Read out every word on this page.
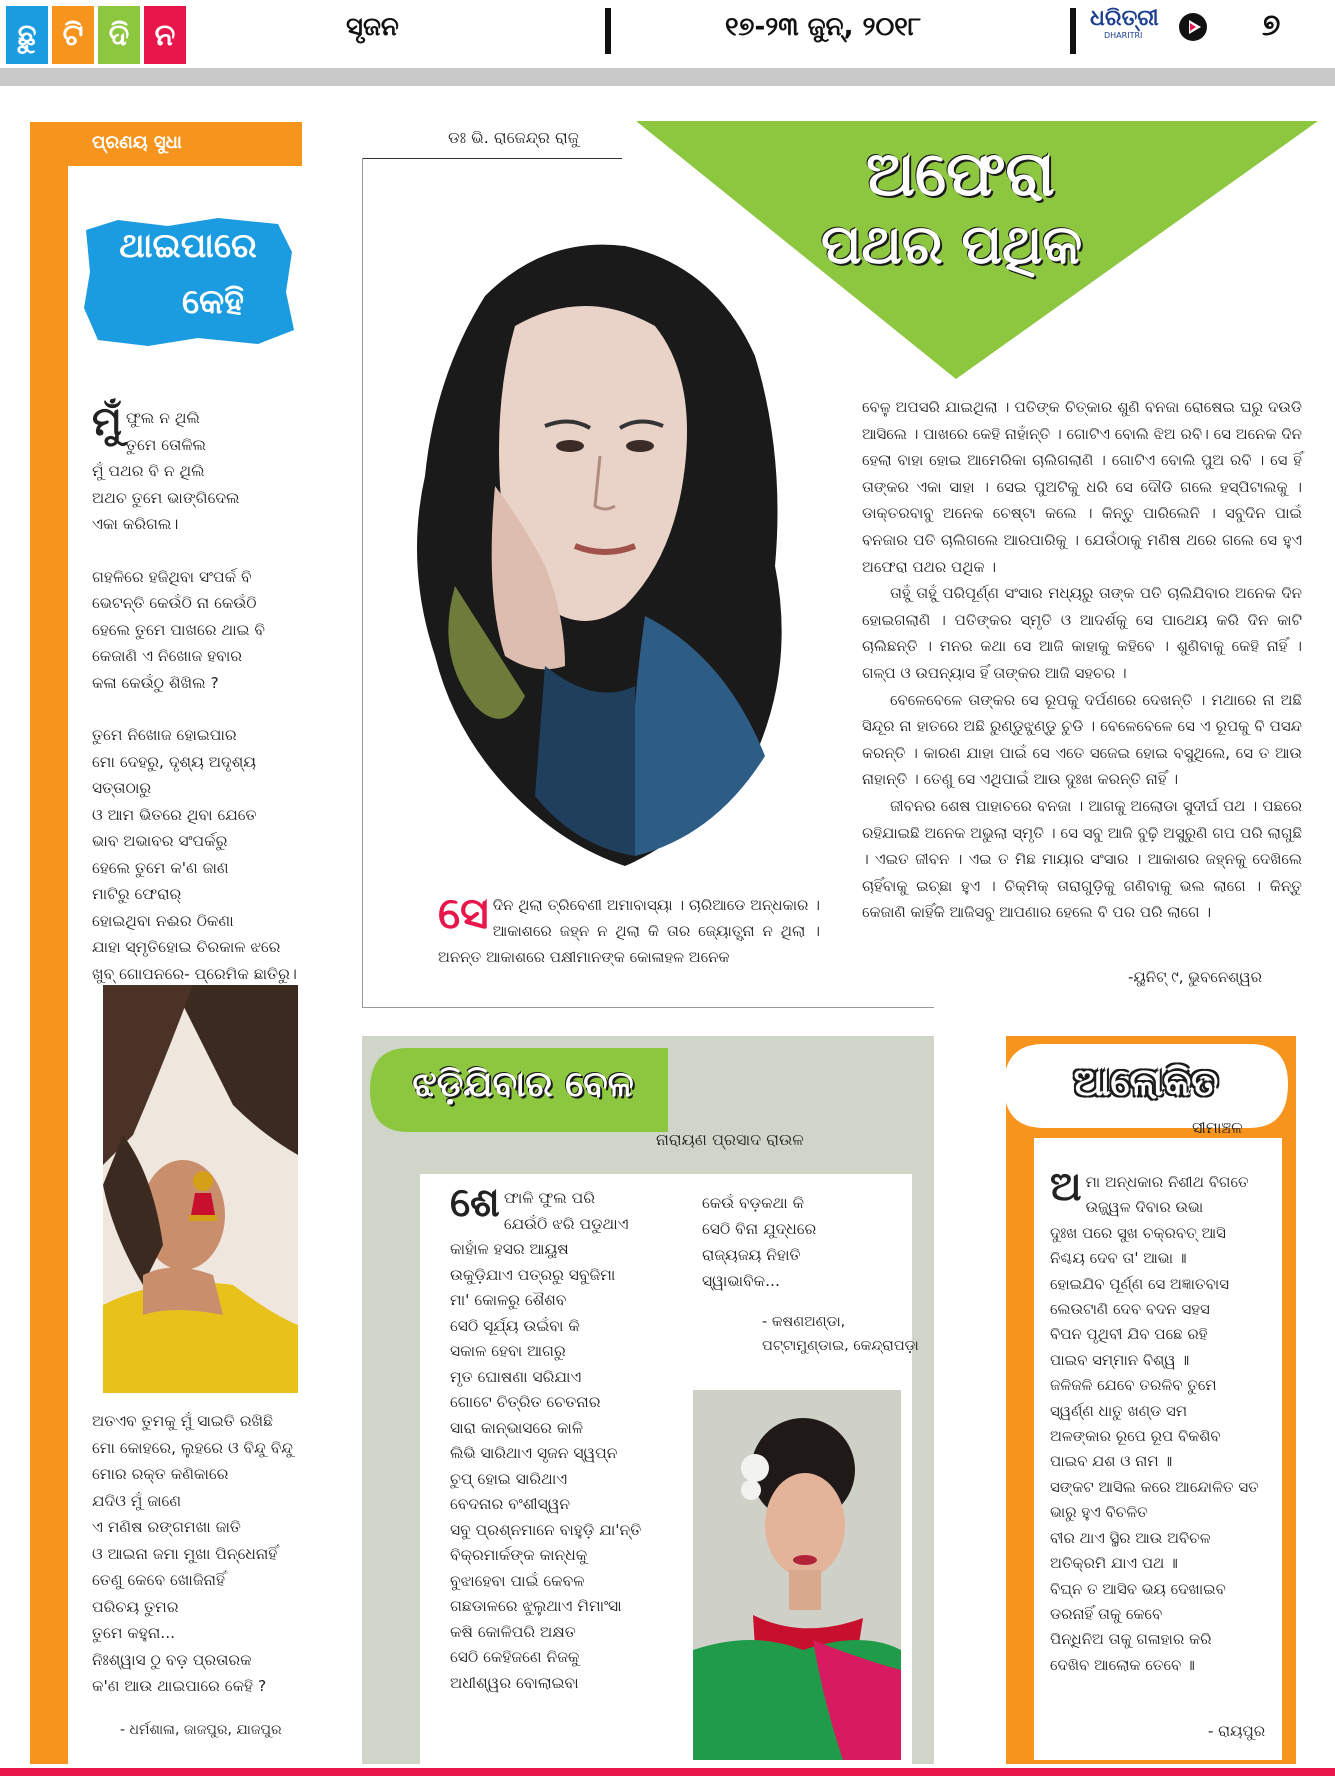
ଛୁ ଟି ଦି ନ	ସୃଜନ	୧୭-୨୩ ଜୁନ୍, ୨୦୧୮	ଧରିତ୍ରୀ
DHARITRI	୭
ପ୍ରଣୟ ସୁଧା
ଥାଇପାରେ
କେହି
ମୁଁଫୁଲ ନ ଥିଲି
ତୁମେ ତୋଳିଲ
ମୁଁ ପଥର ବି ନ ଥିଲି
ଅଥଚ ତୁମେ ଭାଙ୍ଗିଦେଲ
ଏକା କରିଗଲ।
ଗହଳିରେ ହଜିଥିବା ସଂପର୍କ ବି
ଭେଟନ୍ତି କେଉଁଠି ନା କେଉଁଠି
ହେଲେ ତୁମେ ପାଖରେ ଥାଇ ବି
କେଜାଣି ଏ ନିଖୋଜ ହବାର
କଳା କେଉଁଠୁ ଶିଖିଲ ?
ତୁମେ ନିଖୋଜ ହୋଇପାର
ମୋ ଦେହରୁ, ଦୃଶ୍ୟ ଅଦୃଶ୍ୟ
ସତ୍ତାଠାରୁ
ଓ ଆମ ଭିତରେ ଥିବା ଯେତେ
ଭାବ ଅଭାବର ସଂପର୍କରୁ
ହେଲେ ତୁମେ କ'ଣ ଜାଣ
ମାଟିରୁ ଫେରାର୍‌
ହୋଇଥିବା ନଈର ଠିକଣା
ଯାହା ସ୍ମୃତିହୋଇ ଚିରକାଳ ଝରେ
ଖୁବ୍‌ ଗୋପନରେ- ପ୍ରେମିକ ଛାତିରୁ।
ଅତଏବ ତୁମକୁ ମୁଁ ସାଇତି ରଖିଛି
ମୋ କୋହରେ, ଲୁହରେ ଓ ବିନ୍ଦୁ ବିନ୍ଦୁ
ମୋର ରକ୍ତ କଣିକାରେ
ଯଦିଓ ମୁଁ ଜାଣେ
ଏ ମଣିଷ ରଙ୍ଗମଖା ଜାତି
ଓ ଆଇନା ଜମା ମୁଖା ପିନ୍ଧେନାହିଁ
ତେଣୁ କେବେ ଖୋଜିନାହିଁ
ପରିଚୟ ତୁମର
ତୁମେ କହୁନା...
ନିଃଶ୍ୱାସ ଠୁ ବଡ଼ ପ୍ରତାରକ
କ'ଣ ଆଉ ଥାଇପାରେ କେହି ?
- ଧର୍ମଶାଳା, ଜାଜପୁର, ଯାଜପୁର
ଡଃ ଭି. ରାଜେନ୍ଦ୍ର ରାଜୁ	ଅଫେରା
ପଥର ପଥିକ
ସେଦିନ ଥିଲା ତ୍ରିବେଣୀ ଅମାବାସ୍ୟା । ଚାରିଆଡେ ଅନ୍ଧକାର । ଆକାଶରେ ଜହ୍ନ ନ ଥିଲା କି ତାର ଜ୍ୟୋତ୍ସ୍ନା ନ ଥିଲା । ଅନନ୍ତ ଆକାଶରେ ପକ୍ଷୀମାନଙ୍କ କୋଳାହଳ ଅନେକ

ବେଳୁ ଅପସରି ଯାଇଥିଲା । ପତିଙ୍କ ଚିତ୍କାର ଶୁଣି ବନଜା ରୋଷେଇ ଘରୁ ଦଉଡି ଆସିଲେ । ପାଖରେ କେହି ନାହାଁନ୍ତି । ଗୋଟିଏ ବୋଲି ଝିଅ ରବି। ସେ ଅନେକ ଦିନ ହେଲା ବାହା ହୋଇ ଆମେରିକା ଚାଲିଗଲାଣି । ଗୋଟିଏ ବୋଲି ପୁଅ ରବି । ସେ ହିଁ ତାଙ୍କର ଏକା ସାହା । ସେଇ ପୁଅଟିକୁ ଧରି ସେ ଦୌଡି ଗଲେ ହସ୍ପିଟାଲକୁ । ଡାକ୍ତରବାବୁ ଅନେକ ଚେଷ୍ଟା କଲେ । କିନ୍ତୁ ପାରିଲେନି । ସବୁଦିନ ପାଇଁ ବନଜାର ପତି ଚାଲିଗଲେ ଆରପାରିକୁ । ଯେଉଁଠାକୁ ମଣିଷ ଥରେ ଗଲେ ସେ ହୁଏ ଅଫେରା ପଥର ପଥିକ ।

ତାହୁଁ ତାହୁଁ ପରିପୂର୍ଣ୍ଣ ସଂସାର ମଧ୍ୟରୁ ତାଙ୍କ ପତି ଚାଲିଯିବାର ଅନେକ ଦିନ ହୋଇଗଲାଣି । ପତିଙ୍କର ସ୍ମୃତି ଓ ଆଦର୍ଶକୁ ସେ ପାଥେୟ କରି ଦିନ କାଟି ଚାଲିଛନ୍ତି । ମନର କଥା ସେ ଆଜି କାହାକୁ କହିବେ । ଶୁଣିବାକୁ କେହି ନାହିଁ । ଗଳ୍ପ ଓ ଉପନ୍ୟାସ ହିଁ ତାଙ୍କର ଆଜି ସହଚର ।

ବେଳେବେଳେ ତାଙ୍କର ସେ ରୂପକୁ ଦର୍ପଣରେ ଦେଖନ୍ତି । ମଥାରେ ନା ଅଛି ସିନ୍ଦୂର ନା ହାତରେ ଅଛି ରୁଣ୍ଡୁଝୁଣ୍ଡୁ ଚୁଡି । ବେଳେବେଳେ ସେ ଏ ରୂପକୁ ବି ପସନ୍ଦ କରନ୍ତି । କାରଣ ଯାହା ପାଇଁ ସେ ଏତେ ସଜେଇ ହୋଇ ବସୁଥିଲେ, ସେ ତ ଆଉ ନାହାନ୍ତି । ତେଣୁ ସେ ଏଥିପାଇଁ ଆଉ ଦୁଃଖ କରନ୍ତି ନାହିଁ ।

ଜୀବନର ଶେଷ ପାହାଚରେ ବନଜା । ଆଗକୁ ଅଲୋଡା ସୁଦୀର୍ଘ ପଥ । ପଛରେ ରହିଯାଇଛି ଅନେକ ଅଭୁଲା ସ୍ମୃତି । ସେ ସବୁ ଆଜି ବୁଢ଼ି ଅସୁରୁଣି ଗପ ପରି ଲାଗୁଛି । ଏଇତ ଜୀବନ । ଏଇ ତ ମିଛ ମାୟାର ସଂସାର । ଆକାଶର ଜହ୍ନକୁ ଦେଖିଲେ ଚାହିଁବାକୁ ଇଚ୍ଛା ହୁଏ । ଚିକ୍‌ମିକ୍‌ ତାରାଗୁଡ଼ିକୁ ଗଣିବାକୁ ଭଲ ଲାଗେ । କିନ୍ତୁ କେଜାଣି କାହିଁକି ଆଜିସବୁ ଆପଣାର ହେଲେ ବି ପର ପରି ଲାଗେ ।

-ୟୁନିଟ୍‌ ୯, ଭୁବନେଶ୍ୱର
ଝଡ଼ିଯିବାର ବେଳ
ନାରାୟଣ ପ୍ରସାଦ ରାଉଳ
ଶେଫାଳି ଫୁଲ ପରି
ଯେଉଁଠି ଝରି ପଡୁଥାଏ
କାହାଁଳ ହସର ଆୟୁଷ
ଉକୁଡ଼ିଯାଏ ପତ୍ରରୁ ସବୁଜିମା
ମା' କୋଳରୁ ଶୈଶବ
ସେଠି ସୂର୍ଯ୍ୟ ଉଇଁବା କି
ସକାଳ ହେବା ଆଗରୁ
ମୃତ ଘୋଷଣା ସରିଯାଏ
ଗୋଟେ ଚିତ୍ରିତ ଚେତନାର
ସାରା କାନ୍‌ଭାସରେ କାଳି
ଲିଭି ସାରିଥାଏ ସୃଜନ ସ୍ୱପ୍ନ
ଚୁପ୍‌ ହୋଇ ସାରିଥାଏ
ବେଦନାର ବଂଶୀସ୍ୱନ
ସବୁ ପ୍ରଶ୍ନମାନେ ବାହୁଡ଼ି ଯା'ନ୍ତି
ବିକ୍ରମାର୍କଙ୍କ କାନ୍ଧକୁ
ବୁଝାହେବା ପାଇଁ କେବଳ
ଗଛଡାଳରେ ଝୁଲୁଥାଏ ମିମାଂସା
କଷି କୋଳିପରି ଅକ୍ଷତ
ସେଠି କେହିଜଣେ ନିଜକୁ
ଅଧୀଶ୍ୱର ବୋଲାଇବା
କେଉଁ ବଡ଼କଥା କି
ସେଠି ବିନା ଯୁଦ୍ଧରେ
ରାଜ୍ୟଜୟ ନିହାତି
ସ୍ୱାଭାବିକ...
- କଷଣଅଣ୍ଡା,
ପଟ୍ଟାମୁଣ୍ଡାଇ, କେନ୍ଦ୍ରାପଡ଼ା
ଆଲୋକିତ
ସୀମାଞ୍ଚଳ
ଅମା ଅନ୍ଧକାର ନିଶୀଥ ବିଗତେ
ଉଜ୍ଜ୍ୱଳ ଦିବାର ଉଭା
ଦୁଃଖ ପରେ ସୁଖ ଚକ୍ରବତ୍‌ ଆସି
ନିଶ୍ଚୟ ଦେବ ତା' ଆଭା ॥
ହୋଇଯିବ ପୂର୍ଣ୍ଣ ସେ ଅଜ୍ଞାତବାସ
ଲେଉଟାଣି ଦେବ ବଦନ ସହସ
ବିପନ ପୃଥିବୀ ଯିବ ପଛେ ରହି
ପାଇବ ସମ୍ମାନ ବିଶ୍ୱ ॥
ଜଳିଜଳି ଯେବେ ତରଳିବ ତୁମେ
ସ୍ୱର୍ଣ୍ଣ ଧାତୁ ଖଣ୍ଡ ସମ
ଅଳଙ୍କାର ରୂପେ ରୂପ ବିକଶିବ
ପାଇବ ଯଶ ଓ ନାମ ॥
ସଙ୍କଟ ଆସିଲ କରେ ଆନ୍ଦୋଳିତ ସତ
ଭାରୁ ହୁଏ ବିଚଳିତ
ବୀର ଥାଏ ସ୍ଥିର ଆଉ ଅବିଚଳ
ଅତିକ୍ରମି ଯାଏ ପଥ ॥
ବିଘ୍ନ ତ ଆସିବ ଭୟ ଦେଖାଇବ
ଡରନାହିଁ ତାକୁ କେବେ
ପିନ୍ଧିନିଅ ତାକୁ ଗଳାହାର କରି
ଦେଖିବ ଆଲୋକ ତେବେ ॥
- ରାୟପୁର
